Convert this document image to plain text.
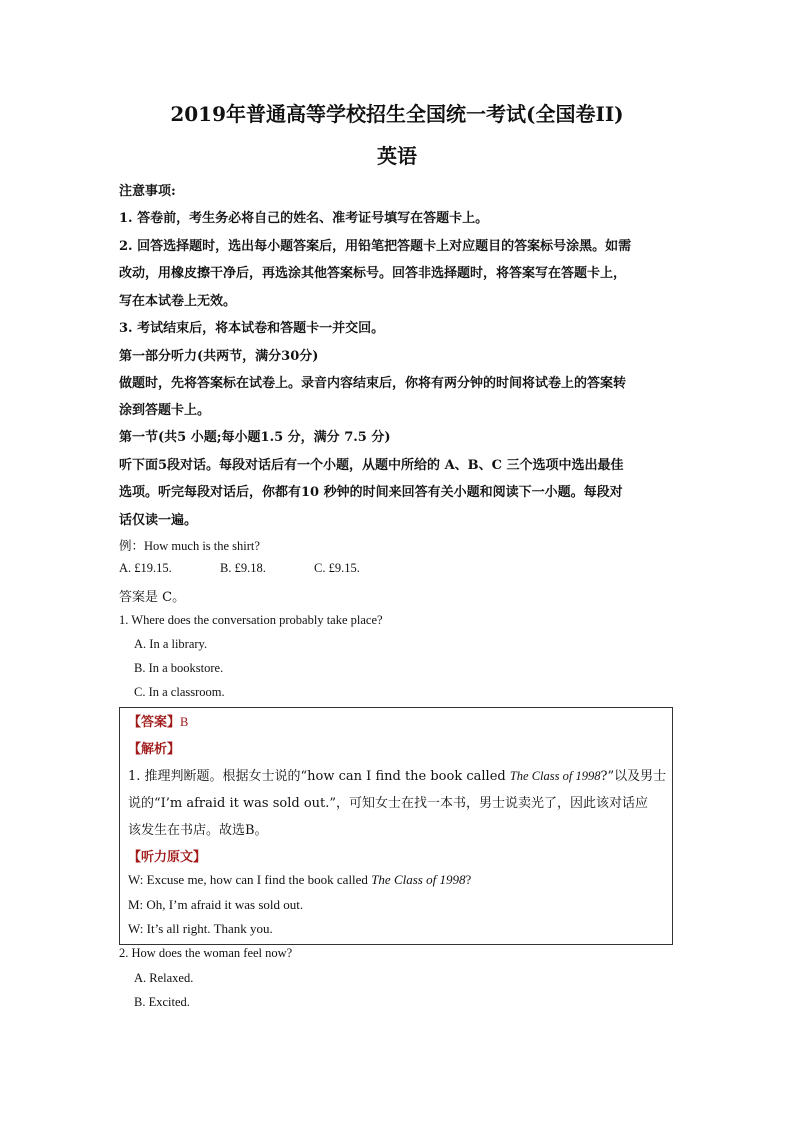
2019年普通高等学校招生全国统一考试(全国卷II)
英语
注意事项:
1. 答卷前，考生务必将自己的姓名、准考证号填写在答题卡上。
2. 回答选择题时，选出每小题答案后，用铅笔把答题卡上对应题目的答案标号涂黑。如需
改动，用橡皮擦干净后，再选涂其他答案标号。回答非选择题时，将答案写在答题卡上，
写在本试卷上无效。
3. 考试结束后，将本试卷和答题卡一并交回。
第一部分听力(共两节，满分30分)
做题时，先将答案标在试卷上。录音内容结束后，你将有两分钟的时间将试卷上的答案转
涂到答题卡上。
第一节(共5 小题;每小题1.5 分，满分 7.5 分)
听下面5段对话。每段对话后有一个小题，从题中所给的 A、B、C 三个选项中选出最佳
选项。听完每段对话后，你都有10 秒钟的时间来回答有关小题和阅读下一小题。每段对
话仅读一遍。
例：How much is the shirt?
A. £19.15.	B. £9.18.	C. £9.15.
答案是 C。
1. Where does the conversation probably take place?
A. In a library.
B. In a bookstore.
C. In a classroom.
【答案】B
【解析】
1. 推理判断题。根据女士说的“how can I find the book called The Class of 1998?”以及男士
说的“I’m afraid it was sold out.”，可知女士在找一本书，男士说卖光了，因此该对话应
该发生在书店。故选B。
【听力原文】
W: Excuse me, how can I find the book called The Class of 1998?
M: Oh, I’m afraid it was sold out.
W: It’s all right. Thank you.
2. How does the woman feel now?
A. Relaxed.
B. Excited.
